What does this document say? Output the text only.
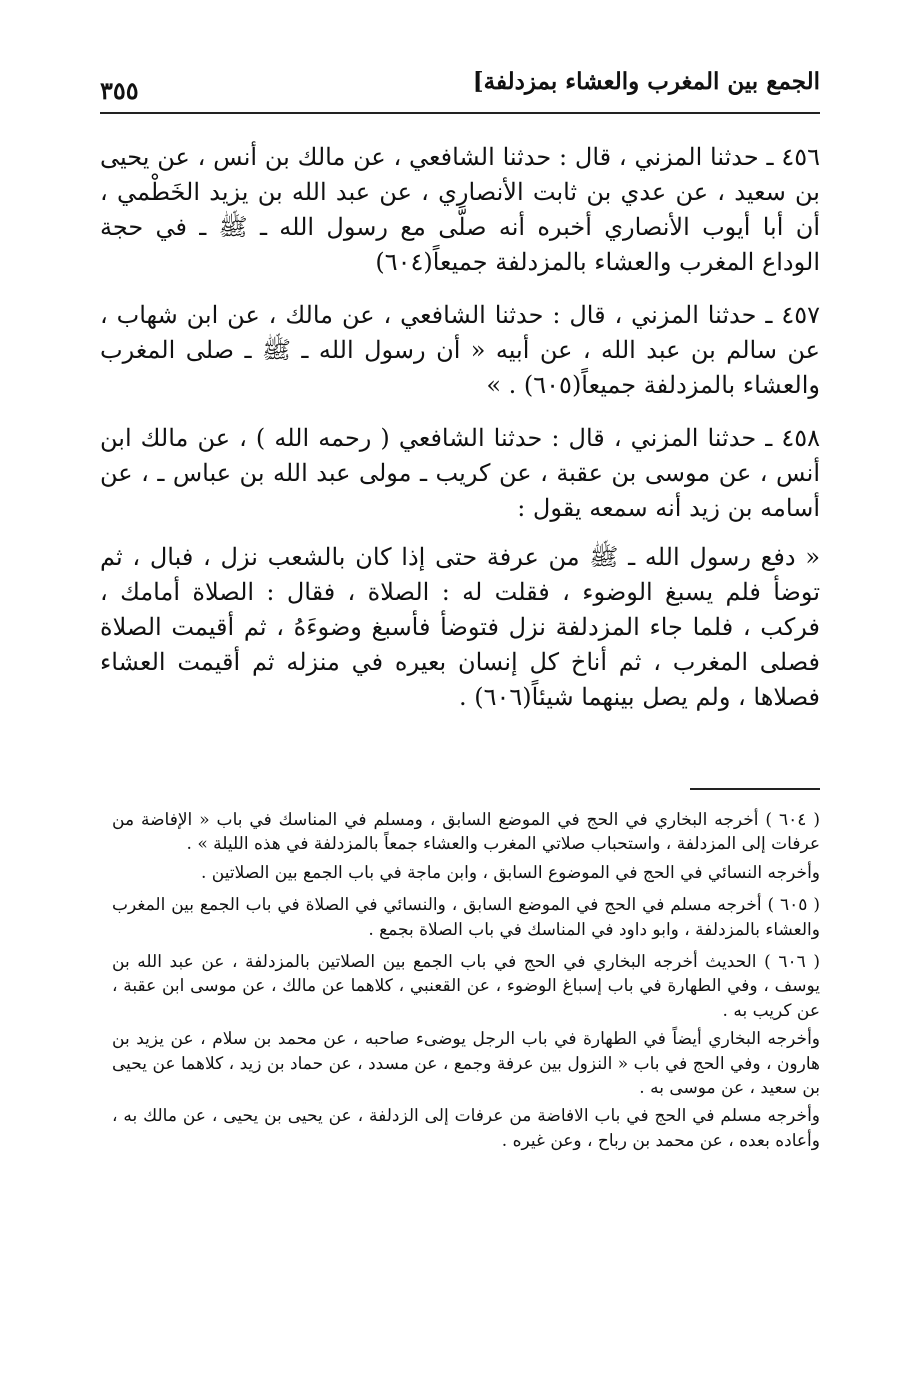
الجمع بين المغرب والعشاء بمزدلفة]
٣٥٥

٤٥٦ ـ حدثنا المزني ، قال : حدثنا الشافعي ، عن مالك بن أنس ، عن يحيى بن سعيد ، عن عدي بن ثابت الأنصاري ، عن عبد الله بن يزيد الخَطْمي ، أن أبا أيوب الأنصاري أخبره أنه صلَّى مع رسول الله ـ ﷺ ـ في حجة الوداع المغرب والعشاء بالمزدلفة جميعاً(٦٠٤)

٤٥٧ ـ حدثنا المزني ، قال : حدثنا الشافعي ، عن مالك ، عن ابن شهاب ، عن سالم بن عبد الله ، عن أبيه « أن رسول الله ـ ﷺ ـ صلى المغرب والعشاء بالمزدلفة جميعاً(٦٠٥) . »

٤٥٨ ـ حدثنا المزني ، قال : حدثنا الشافعي ( رحمه الله ) ، عن مالك ابن أنس ، عن موسى بن عقبة ، عن كريب ـ مولى عبد الله بن عباس ـ ، عن أسامه بن زيد أنه سمعه يقول :

« دفع رسول الله ـ ﷺ من عرفة حتى إذا كان بالشعب نزل ، فبال ، ثم توضأ فلم يسبغ الوضوء ، فقلت له : الصلاة ، فقال : الصلاة أمامك ، فركب ، فلما جاء المزدلفة نزل فتوضأ فأسبغ وضوءَهُ ، ثم أقيمت الصلاة فصلى المغرب ، ثم أناخ كل إنسان بعيره في منزله ثم أقيمت العشاء فصلاها ، ولم يصل بينهما شيئاً(٦٠٦) .

( ٦٠٤ ) أخرجه البخاري في الحج في الموضع السابق ، ومسلم في المناسك في باب « الإفاضة من عرفات إلى المزدلفة ، واستحباب صلاتي المغرب والعشاء جمعاً بالمزدلفة في هذه الليلة » .

وأخرجه النسائي في الحج في الموضوع السابق ، وابن ماجة في باب الجمع بين الصلاتين .

( ٦٠٥ ) أخرجه مسلم في الحج في الموضع السابق ، والنسائي في الصلاة في باب الجمع بين المغرب والعشاء بالمزدلفة ، وابو داود في المناسك في باب الصلاة بجمع .

( ٦٠٦ ) الحديث أخرجه البخاري في الحج في باب الجمع بين الصلاتين بالمزدلفة ، عن عبد الله بن يوسف ، وفي الطهارة في باب إسباغ الوضوء ، عن القعنبي ، كلاهما عن مالك ، عن موسى ابن عقبة ، عن كريب به .

وأخرجه البخاري أيضاً في الطهارة في باب الرجل يوضىء صاحبه ، عن محمد بن سلام ، عن يزيد بن هارون ، وفي الحج في باب « النزول بين عرفة وجمع ، عن مسدد ، عن حماد بن زيد ، كلاهما عن يحيى بن سعيد ، عن موسى به .

وأخرجه مسلم في الحج في باب الافاضة من عرفات إلى الزدلفة ، عن يحيى بن يحيى ، عن مالك به ، وأعاده بعده ، عن محمد بن رباح ، وعن غيره .
